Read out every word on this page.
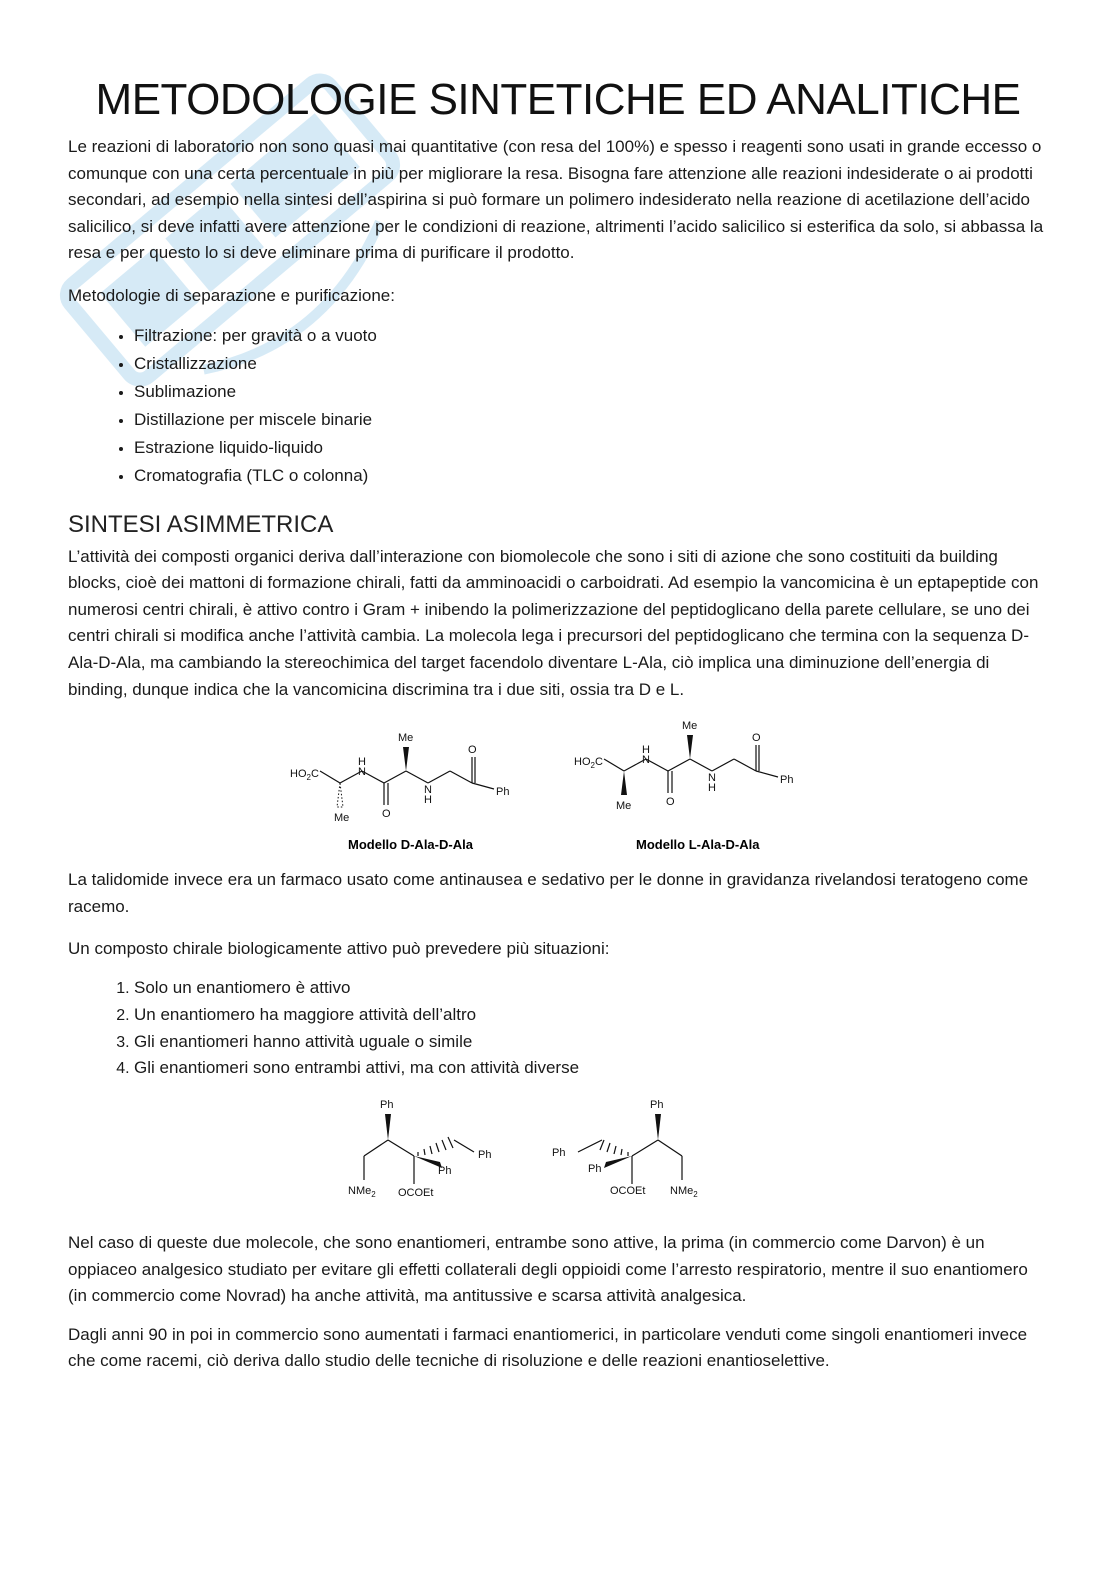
METODOLOGIE SINTETICHE ED ANALITICHE

Le reazioni di laboratorio non sono quasi mai quantitative (con resa del 100%) e spesso i reagenti sono usati in grande eccesso o comunque con una certa percentuale in più per migliorare la resa. Bisogna fare attenzione alle reazioni indesiderate o ai prodotti secondari, ad esempio nella sintesi dell’aspirina si può formare un polimero indesiderato nella reazione di acetilazione dell’acido salicilico, si deve infatti avere attenzione per le condizioni di reazione, altrimenti l’acido salicilico si esterifica da solo, si abbassa la resa e per questo lo si deve eliminare prima di purificare il prodotto.

Metodologie di separazione e purificazione:

• Filtrazione: per gravità o a vuoto
• Cristallizzazione
• Sublimazione
• Distillazione per miscele binarie
• Estrazione liquido-liquido
• Cromatografia (TLC o colonna)
SINTESI ASIMMETRICA

L’attività dei composti organici deriva dall’interazione con biomolecole che sono i siti di azione che sono costituiti da building blocks, cioè dei mattoni di formazione chirali, fatti da amminoacidi o carboidrati. Ad esempio la vancomicina è un eptapeptide con numerosi centri chirali, è attivo contro i Gram + inibendo la polimerizzazione del peptidoglicano della parete cellulare, se uno dei centri chirali si modifica anche l’attività cambia. La molecola lega i precursori del peptidoglicano che termina con la sequenza D-Ala-D-Ala, ma cambiando la stereochimica del target facendolo diventare L-Ala, ciò implica una diminuzione dell’energia di binding, dunque indica che la vancomicina discrimina tra i due siti, ossia tra D e L.

$HO_2C$
Me
H
N
O
Me
N
H
O
Ph
$HO_2C$
Me
H
N
O
Me
N
H
O
Ph
Modello D-Ala-D-Ala	Modello L-Ala-D-Ala

La talidomide invece era un farmaco usato come antinausea e sedativo per le donne in gravidanza rivelandosi teratogeno come racemo.

Un composto chirale biologicamente attivo può prevedere più situazioni:

1. Solo un enantiomero è attivo
2. Un enantiomero ha maggiore attività dell’altro
3. Gli enantiomeri hanno attività uguale o simile
4. Gli enantiomeri sono entrambi attivi, ma con attività diverse
Ph
Ph
Ph
NMe$_2$ OCOEt
Ph
Ph
Ph
OCOEt NMe$_2$

Nel caso di queste due molecole, che sono enantiomeri, entrambe sono attive, la prima (in commercio come Darvon) è un oppiaceo analgesico studiato per evitare gli effetti collaterali degli oppioidi come l’arresto respiratorio, mentre il suo enantiomero (in commercio come Novrad) ha anche attività, ma antitussive e scarsa attività analgesica.

Dagli anni 90 in poi in commercio sono aumentati i farmaci enantiomerici, in particolare venduti come singoli enantiomeri invece che come racemi, ciò deriva dallo studio delle tecniche di risoluzione e delle reazioni enantioselettive.
